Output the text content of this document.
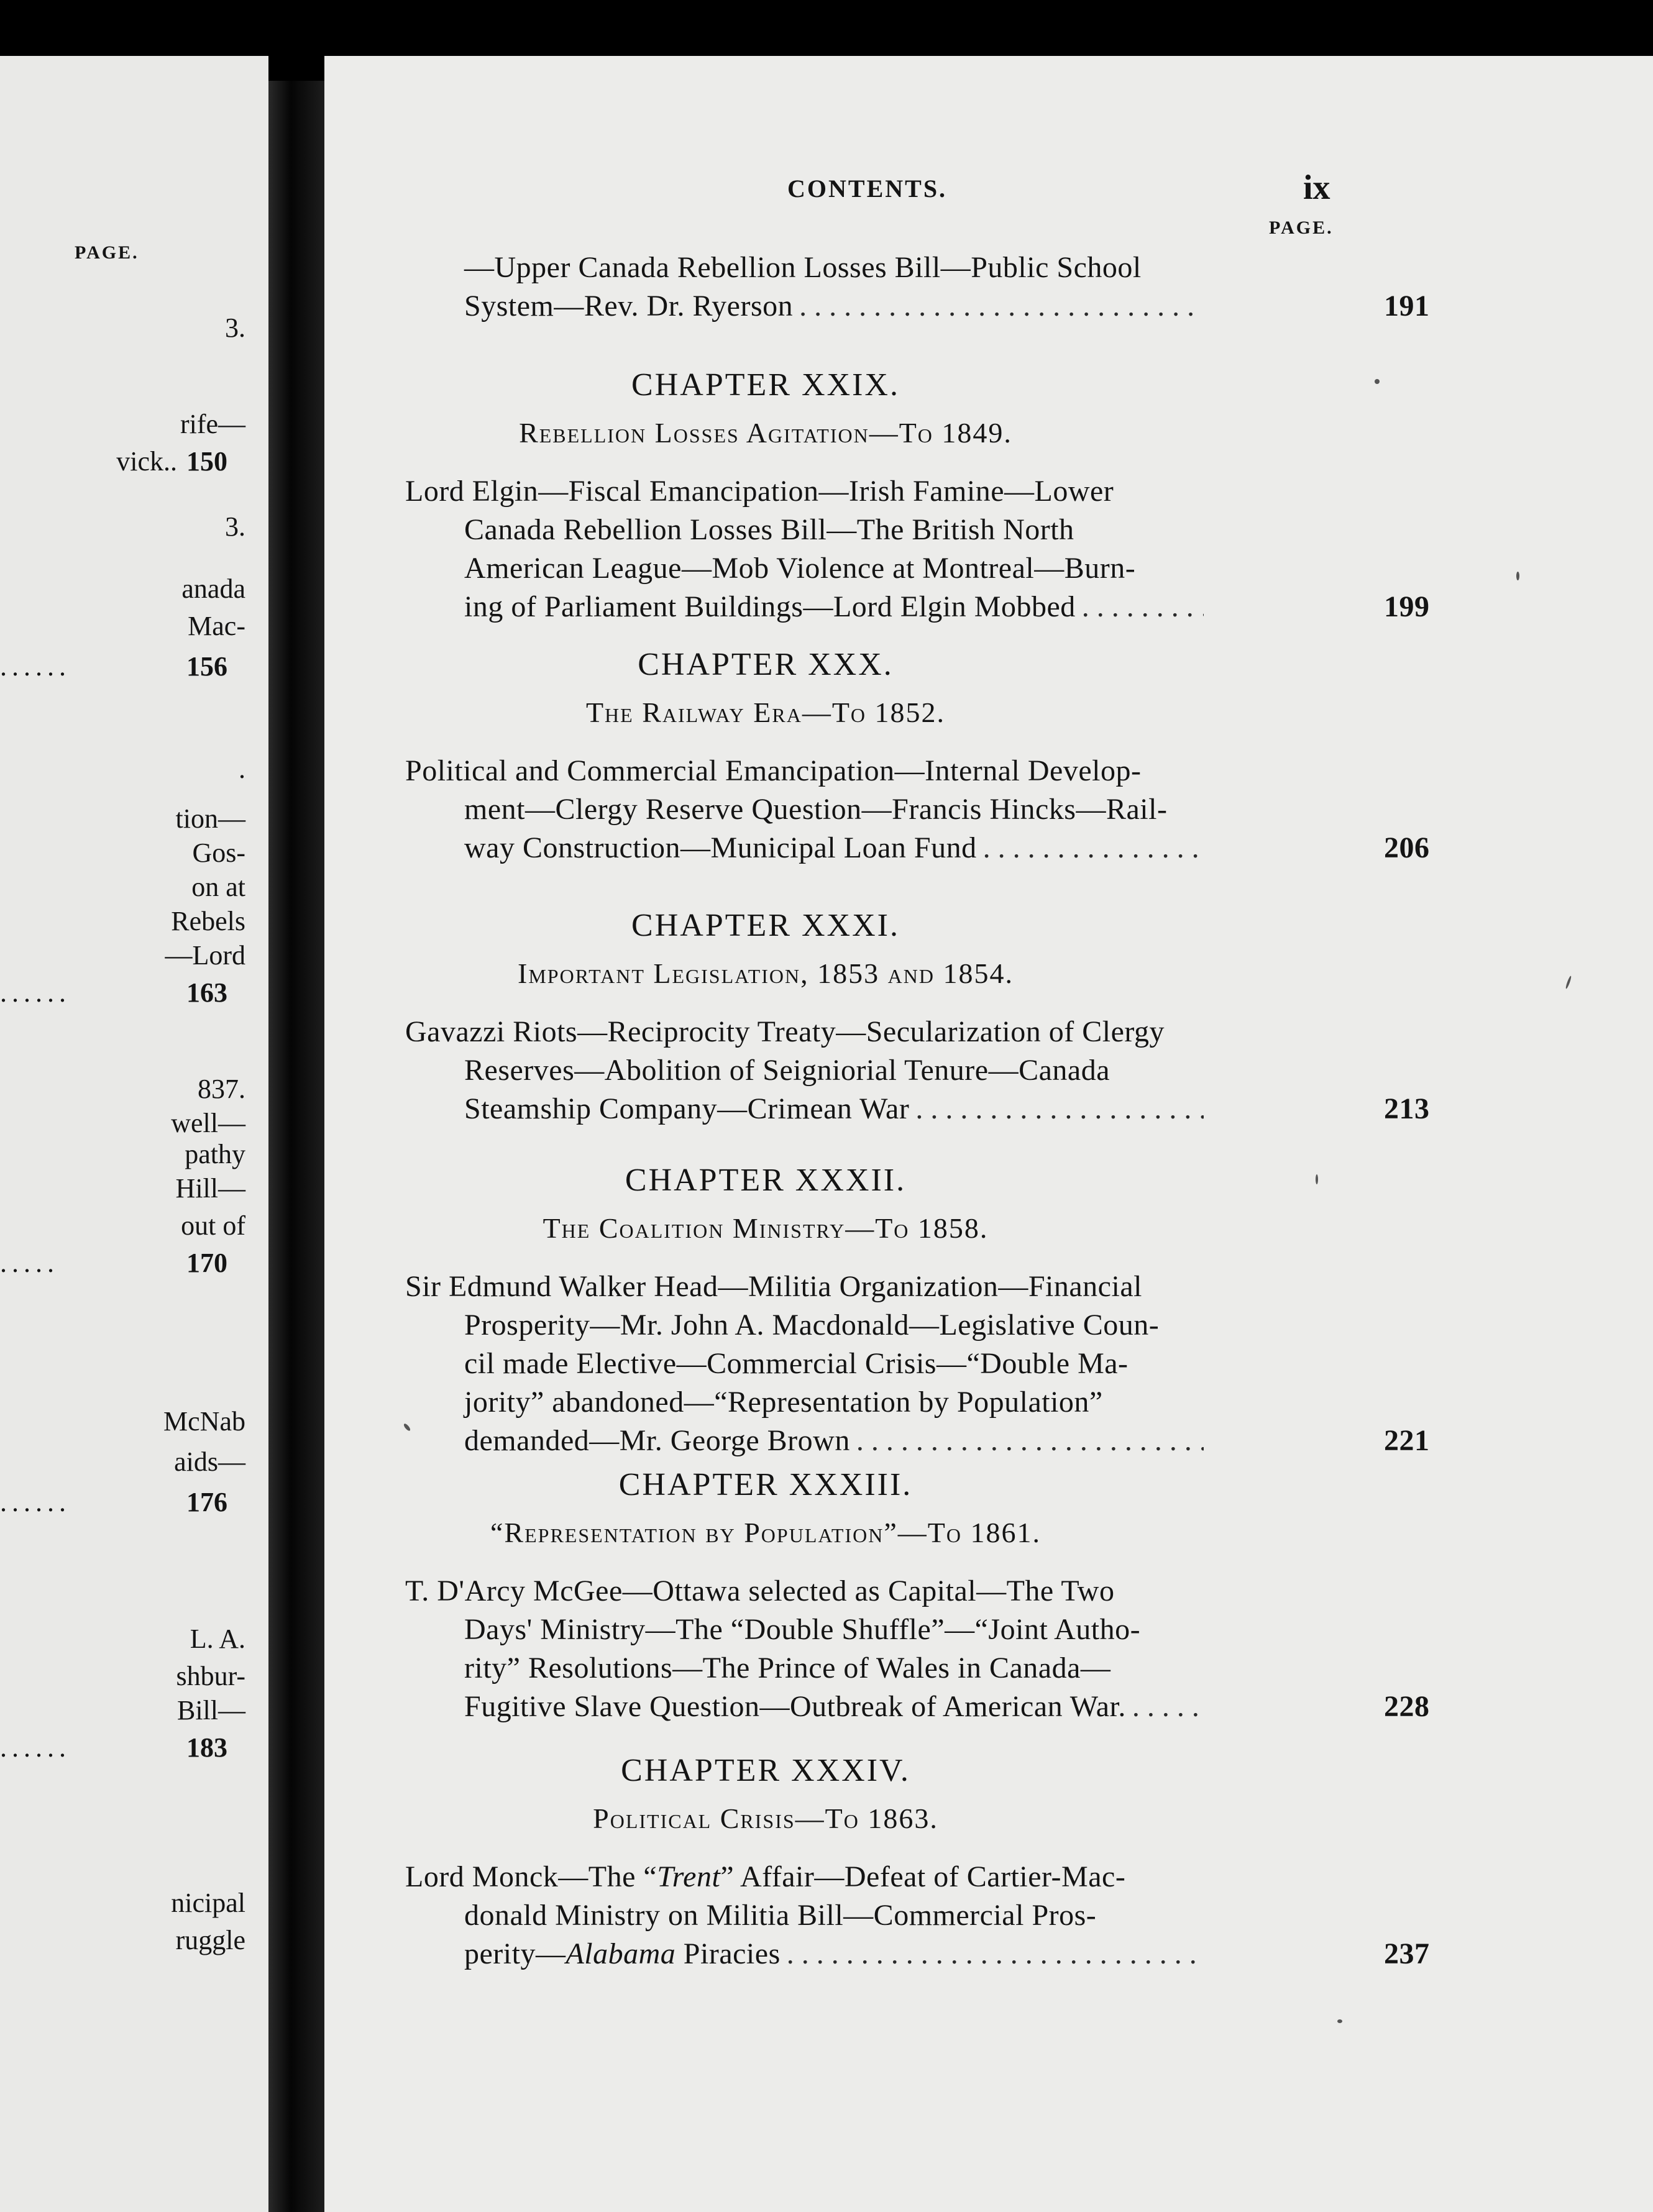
PAGE.
3.
rife—
vick.. 150
3.
anada
Mac-
......	156
.
tion—
Gos-
on at
Rebels
—Lord
......	163
837.
well—
pathy
Hill—
out of
.....	170
McNab
aids—
......	176
L. A.
shbur-
Bill—
......	183
nicipal
ruggle
CONTENTS.	ix
PAGE.
—Upper Canada Rebellion Losses Bill—Public School
System—Rev. Dr. Ryerson . . .	191
CHAPTER XXIX.
Rebellion Losses Agitation—To 1849.
Lord Elgin—Fiscal Emancipation—Irish Famine—Lower
Canada Rebellion Losses Bill—The British North
American League—Mob Violence at Montreal—Burn-
ing of Parliament Buildings—Lord Elgin Mobbed . . .	199
CHAPTER XXX.
The Railway Era—To 1852.
Political and Commercial Emancipation—Internal Develop-
ment—Clergy Reserve Question—Francis Hincks—Rail-
way Construction—Municipal Loan Fund . . .	206
CHAPTER XXXI.
Important Legislation, 1853 and 1854.
Gavazzi Riots—Reciprocity Treaty—Secularization of Clergy
Reserves—Abolition of Seigniorial Tenure—Canada
Steamship Company—Crimean War . . .	213
CHAPTER XXXII.
The Coalition Ministry—To 1858.
Sir Edmund Walker Head—Militia Organization—Financial
Prosperity—Mr. John A. Macdonald—Legislative Coun-
cil made Elective—Commercial Crisis—“Double Ma-
jority” abandoned—“Representation by Population”
demanded—Mr. George Brown . . .	221
CHAPTER XXXIII.
“Representation by Population”—To 1861.
T. D'Arcy McGee—Ottawa selected as Capital—The Two
Days' Ministry—The “Double Shuffle”—“Joint Autho-
rity” Resolutions—The Prince of Wales in Canada—
Fugitive Slave Question—Outbreak of American War. . . .	228
CHAPTER XXXIV.
Political Crisis—To 1863.
Lord Monck—The “Trent” Affair—Defeat of Cartier-Mac-
donald Ministry on Militia Bill—Commercial Pros-
perity—Alabama Piracies . . .	237
